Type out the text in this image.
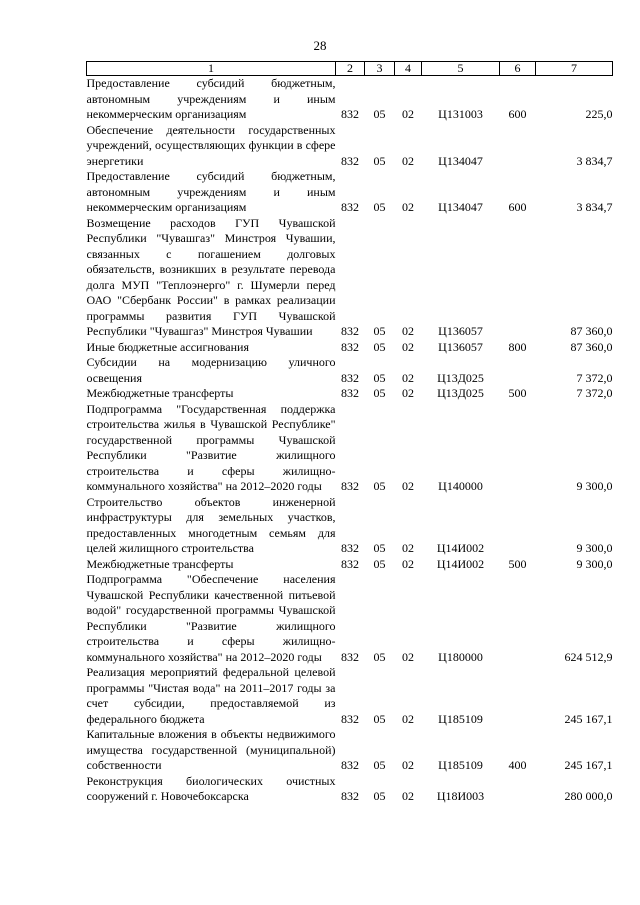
28
1	2	3	4	5	6	7
Предоставление субсидий бюджетным, автономным учреждениям и иным некоммерческим организациям	832	05	02	Ц131003	600	225,0
Обеспечение деятельности государственных учреждений, осуществляющих функции в сфере энергетики	832	05	02	Ц134047		3 834,7
Предоставление субсидий бюджетным, автономным учреждениям и иным некоммерческим организациям	832	05	02	Ц134047	600	3 834,7
Возмещение расходов ГУП Чувашской Республики "Чувашгаз" Минстроя Чувашии, связанных с погашением долговых обязательств, возникших в результате перевода долга МУП "Теплоэнерго" г. Шумерли перед ОАО "Сбербанк России" в рамках реализации программы развития ГУП Чувашской Республики "Чувашгаз" Минстроя Чувашии	832	05	02	Ц136057		87 360,0
Иные бюджетные ассигнования	832	05	02	Ц136057	800	87 360,0
Субсидии на модернизацию уличного освещения	832	05	02	Ц13Д025		7 372,0
Межбюджетные трансферты	832	05	02	Ц13Д025	500	7 372,0
Подпрограмма "Государственная поддержка строительства жилья в Чувашской Республике" государственной программы Чувашской Республики "Развитие жилищного строительства и сферы жилищно-коммунального хозяйства" на 2012–2020 годы	832	05	02	Ц140000		9 300,0
Строительство объектов инженерной инфраструктуры для земельных участков, предоставленных многодетным семьям для целей жилищного строительства	832	05	02	Ц14И002		9 300,0
Межбюджетные трансферты	832	05	02	Ц14И002	500	9 300,0
Подпрограмма "Обеспечение населения Чувашской Республики качественной питьевой водой" государственной программы Чувашской Республики "Развитие жилищного строительства и сферы жилищно-коммунального хозяйства" на 2012–2020 годы	832	05	02	Ц180000		624 512,9
Реализация мероприятий федеральной целевой программы "Чистая вода" на 2011–2017 годы за счет субсидии, предоставляемой из федерального бюджета	832	05	02	Ц185109		245 167,1
Капитальные вложения в объекты недвижимого имущества государственной (муниципальной) собственности	832	05	02	Ц185109	400	245 167,1
Реконструкция биологических очистных сооружений г. Новочебоксарска	832	05	02	Ц18И003		280 000,0
